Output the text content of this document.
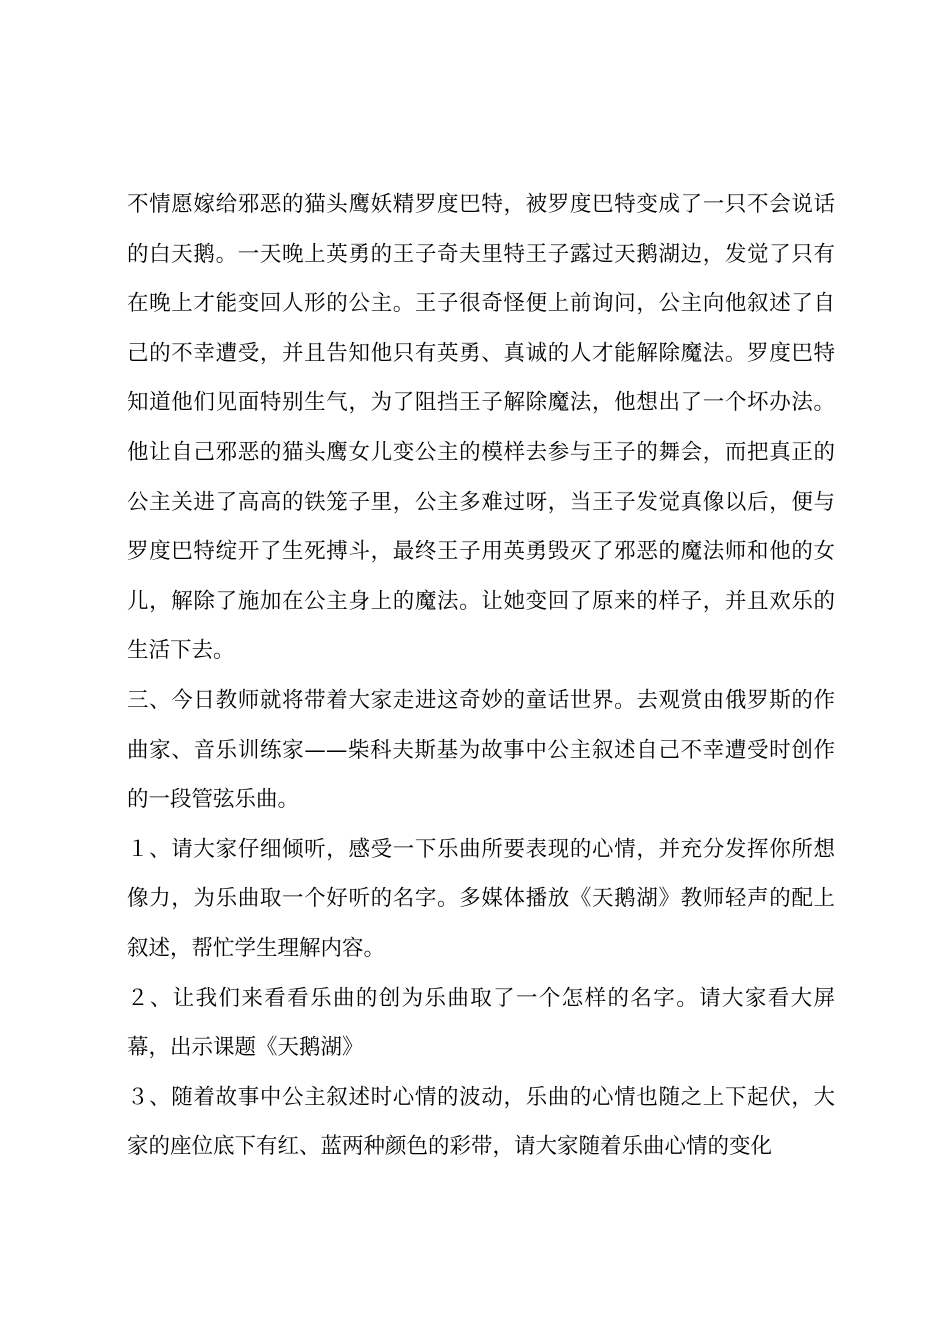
不情愿嫁给邪恶的猫头鹰妖精罗度巴特，被罗度巴特变成了一只不会说话的白天鹅。一天晚上英勇的王子奇夫里特王子露过天鹅湖边，发觉了只有在晚上才能变回人形的公主。王子很奇怪便上前询问，公主向他叙述了自己的不幸遭受，并且告知他只有英勇、真诚的人才能解除魔法。罗度巴特知道他们见面特别生气，为了阻挡王子解除魔法，他想出了一个坏办法。他让自己邪恶的猫头鹰女儿变公主的模样去参与王子的舞会，而把真正的公主关进了高高的铁笼子里，公主多难过呀，当王子发觉真像以后，便与罗度巴特绽开了生死搏斗，最终王子用英勇毁灭了邪恶的魔法师和他的女儿，解除了施加在公主身上的魔法。让她变回了原来的样子，并且欢乐的生活下去。

三、今日教师就将带着大家走进这奇妙的童话世界。去观赏由俄罗斯的作曲家、音乐训练家——柴科夫斯基为故事中公主叙述自己不幸遭受时创作的一段管弦乐曲。

１、请大家仔细倾听，感受一下乐曲所要表现的心情，并充分发挥你所想像力，为乐曲取一个好听的名字。多媒体播放《天鹅湖》教师轻声的配上叙述，帮忙学生理解内容。

２、让我们来看看乐曲的创为乐曲取了一个怎样的名字。请大家看大屏幕，出示课题《天鹅湖》

３、随着故事中公主叙述时心情的波动，乐曲的心情也随之上下起伏，大家的座位底下有红、蓝两种颜色的彩带，请大家随着乐曲心情的变化
